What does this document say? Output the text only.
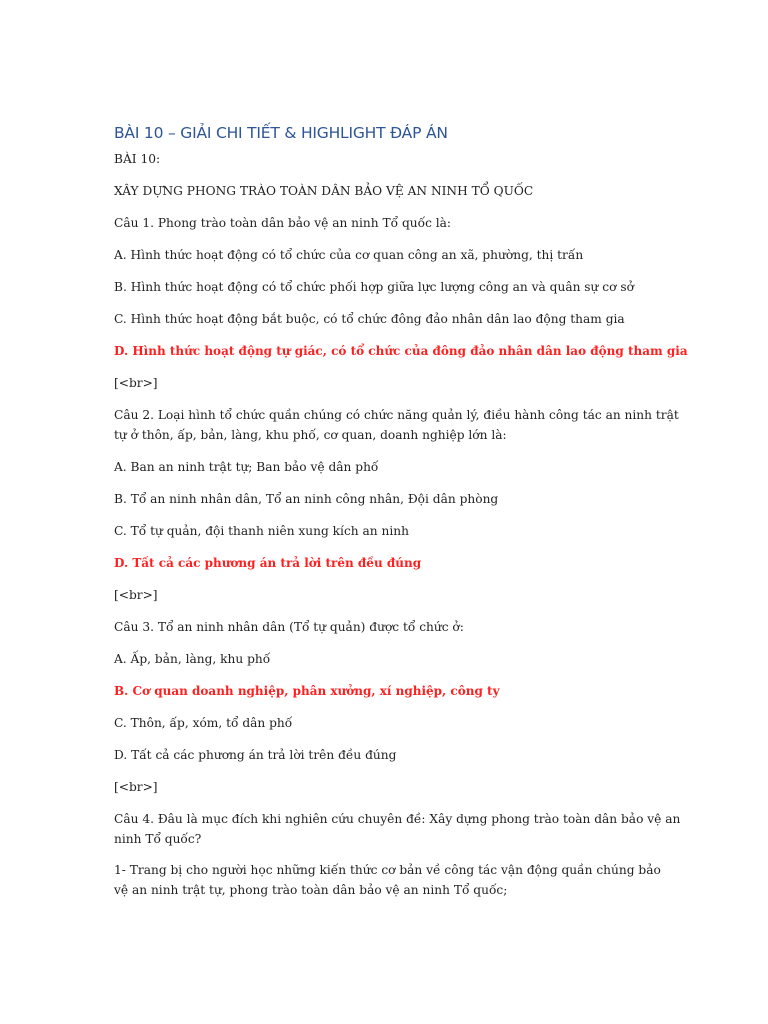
BÀI 10 – GIẢI CHI TIẾT & HIGHLIGHT ĐÁP ÁN
BÀI 10:
XÂY DỰNG PHONG TRÀO TOÀN DÂN BẢO VỆ AN NINH TỔ QUỐC
Câu 1. Phong trào toàn dân bảo vệ an ninh Tổ quốc là:
A. Hình thức hoạt động có tổ chức của cơ quan công an xã, phường, thị trấn
B. Hình thức hoạt động có tổ chức phối hợp giữa lực lượng công an và quân sự cơ sở
C. Hình thức hoạt động bắt buộc, có tổ chức đông đảo nhân dân lao động tham gia
D. Hình thức hoạt động tự giác, có tổ chức của đông đảo nhân dân lao động tham gia
[<br>]
Câu 2. Loại hình tổ chức quần chúng có chức năng quản lý, điều hành công tác an ninh trật
tự ở thôn, ấp, bản, làng, khu phố, cơ quan, doanh nghiệp lớn là:
A. Ban an ninh trật tự; Ban bảo vệ dân phố
B. Tổ an ninh nhân dân, Tổ an ninh công nhân, Đội dân phòng
C. Tổ tự quản, đội thanh niên xung kích an ninh
D. Tất cả các phương án trả lời trên đều đúng
[<br>]
Câu 3. Tổ an ninh nhân dân (Tổ tự quản) được tổ chức ở:
A. Ấp, bản, làng, khu phố
B. Cơ quan doanh nghiệp, phân xưởng, xí nghiệp, công ty
C. Thôn, ấp, xóm, tổ dân phố
D. Tất cả các phương án trả lời trên đều đúng
[<br>]
Câu 4. Đâu là mục đích khi nghiên cứu chuyên đề: Xây dựng phong trào toàn dân bảo vệ an
ninh Tổ quốc?
1- Trang bị cho người học những kiến thức cơ bản về công tác vận động quần chúng bảo
vệ an ninh trật tự, phong trào toàn dân bảo vệ an ninh Tổ quốc;
